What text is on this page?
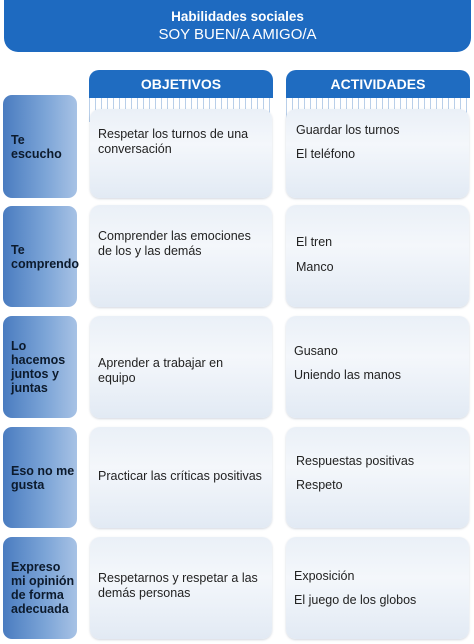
Habilidades sociales
SOY BUEN/A AMIGO/A
OBJETIVOS	ACTIVIDADES
Te escucho
Respetar los turnos de una conversación
Guardar los turnos
El teléfono
Te
comprendo
Comprender las emociones de los y las demás
El tren
Manco
Lo
hacemos
juntos y
juntas
Aprender a trabajar en equipo
Gusano
Uniendo las manos
Eso no me
gusta
Practicar las críticas positivas
Respuestas positivas
Respeto
Expreso
mi opinión
de forma
adecuada
Respetarnos y respetar a las demás personas
Exposición
El juego de los globos
